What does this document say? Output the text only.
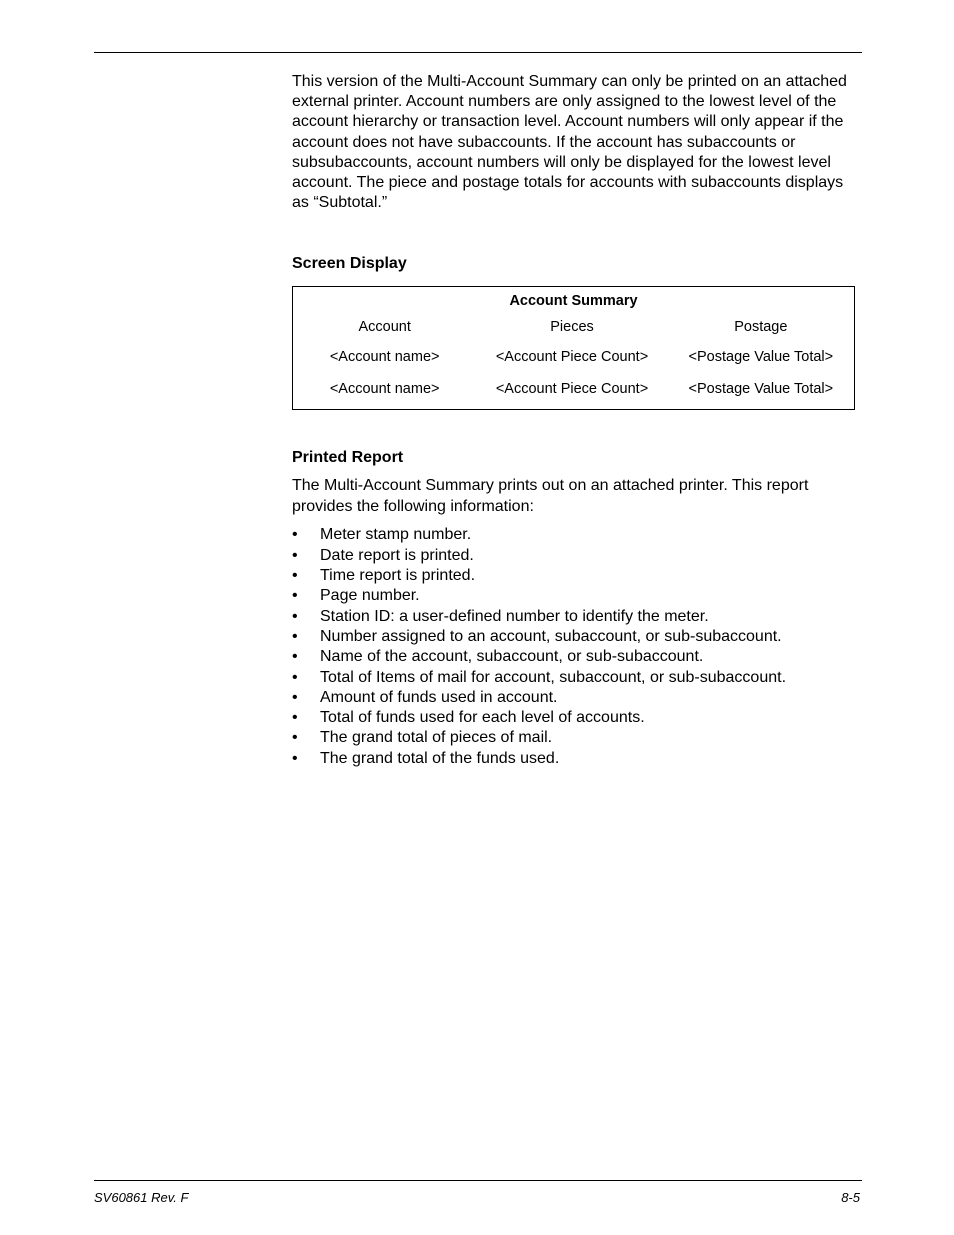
This version of the Multi-Account Summary can only be printed on an attached external printer. Account numbers are only assigned to the lowest level of the account hierarchy or transaction level. Account numbers will only appear if the account does not have subaccounts. If the account has subaccounts or subsubaccounts, account numbers will only be displayed for the lowest level account. The piece and postage totals for accounts with subaccounts displays as “Subtotal.”

Screen Display
Account Summary
Account	Pieces	Postage
<Account name>	<Account Piece Count>	<Postage Value Total>
<Account name>	<Account Piece Count>	<Postage Value Total>
Printed Report

The Multi-Account Summary prints out on an attached printer. This report provides the following information:

• Meter stamp number.
• Date report is printed.
• Time report is printed.
• Page number.
• Station ID: a user-defined number to identify the meter.
• Number assigned to an account, subaccount, or sub-subaccount.
• Name of the account, subaccount, or sub-subaccount.
• Total of Items of mail for account, subaccount, or sub-subaccount.
• Amount of funds used in account.
• Total of funds used for each level of accounts.
• The grand total of pieces of mail.
• The grand total of the funds used.
SV60861 Rev. F	8-5
